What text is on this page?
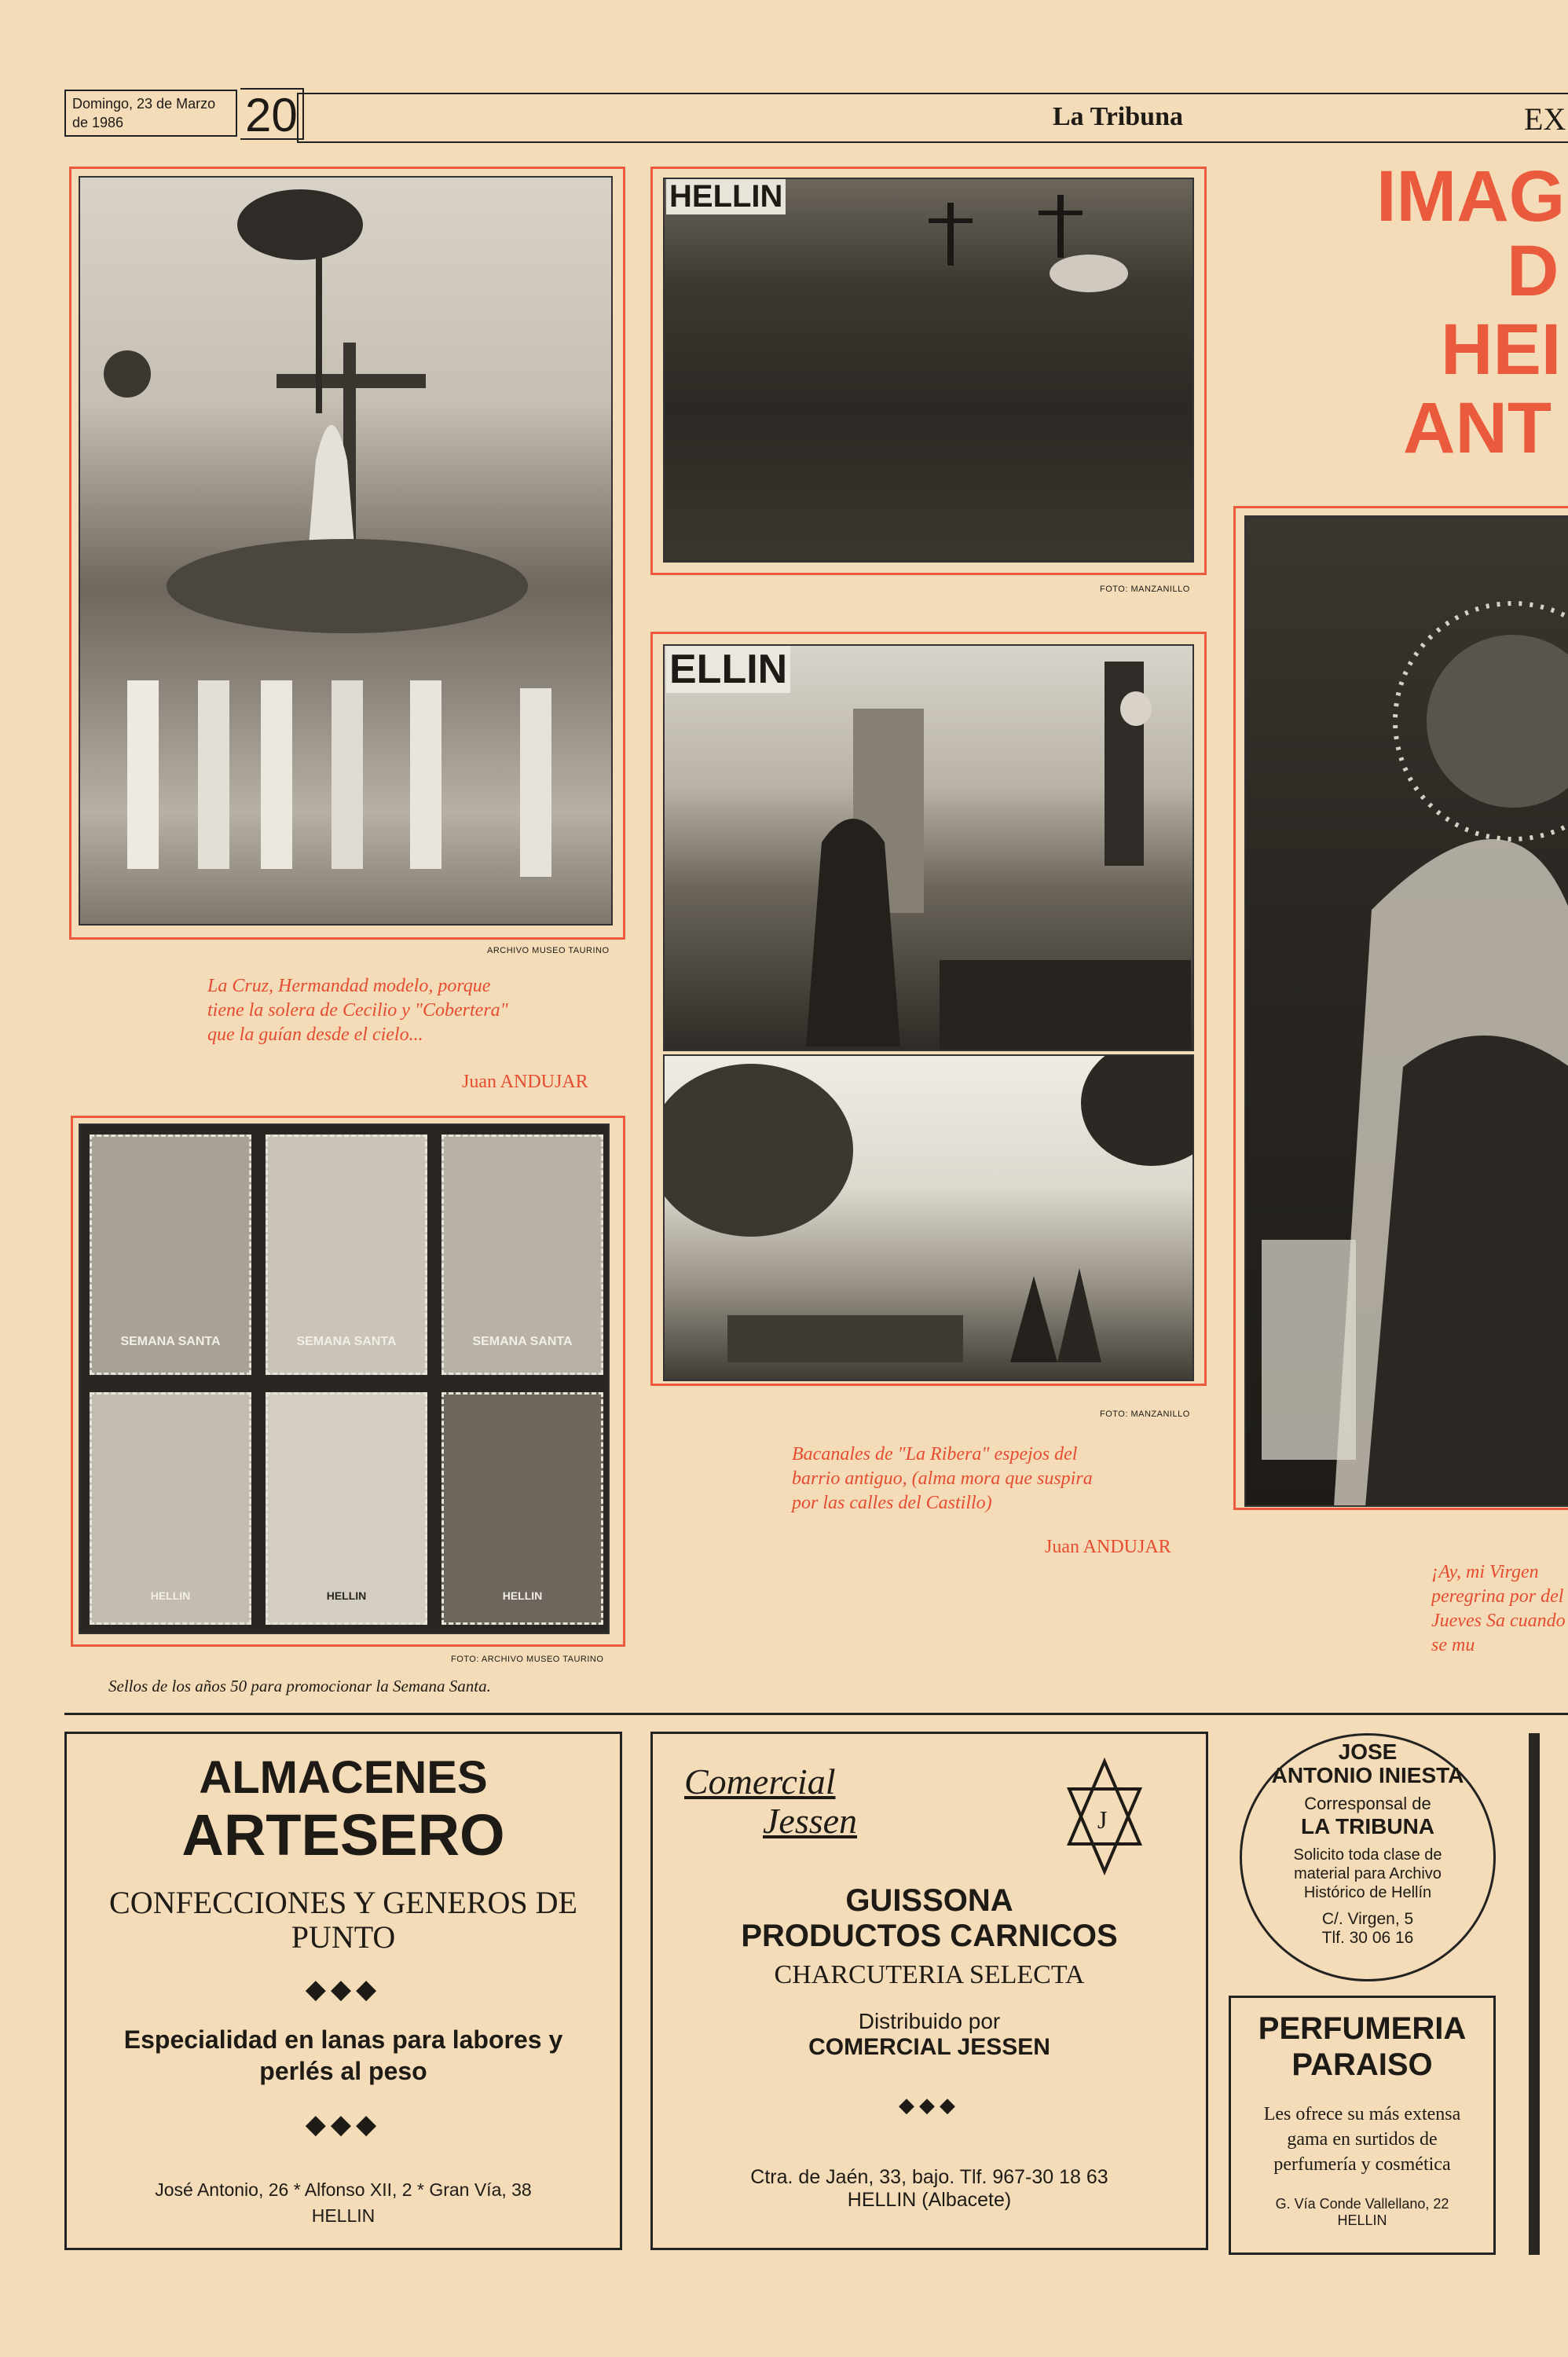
Domingo, 23 de Marzo de 1986	20	La Tribuna	EX
IMAG
D
HEI
ANT
ARCHIVO MUSEO TAURINO
La Cruz, Hermandad modelo, porque tiene la solera de Cecilio y "Cobertera" que la guían desde el cielo...
Juan ANDUJAR
HELLIN
FOTO: MANZANILLO
ELLIN
FOTO: MANZANILLO
Bacanales de "La Ribera" espejos del barrio antiguo, (alma mora que suspira por las calles del Castillo)
Juan ANDUJAR
SEMANA SANTA	SEMANA SANTA	SEMANA SANTA
HELLIN	HELLIN	HELLIN
FOTO: ARCHIVO MUSEO TAURINO
Sellos de los años 50 para promocionar la Semana Santa.
¡Ay, mi Virgen peregrina por del Jueves Sa cuando se mu
ALMACENES
ARTESERO
CONFECCIONES Y GENEROS DE PUNTO
◆◆◆
Especialidad en lanas para labores y perlés al peso
◆◆◆
José Antonio, 26 * Alfonso XII, 2 * Gran Vía, 38
HELLIN
Comercial
Jessen	J
GUISSONA
PRODUCTOS CARNICOS
CHARCUTERIA SELECTA
Distribuido por
COMERCIAL JESSEN
◆◆◆
Ctra. de Jaén, 33, bajo. Tlf. 967-30 18 63
HELLIN (Albacete)
JOSE
ANTONIO INIESTA
Corresponsal de
LA TRIBUNA
Solicito toda clase de material para Archivo Histórico de Hellín
C/. Virgen, 5
Tlf. 30 06 16
PERFUMERIA
PARAISO
Les ofrece su más extensa gama en surtidos de perfumería y cosmética
G. Vía Conde Vallellano, 22
HELLIN
